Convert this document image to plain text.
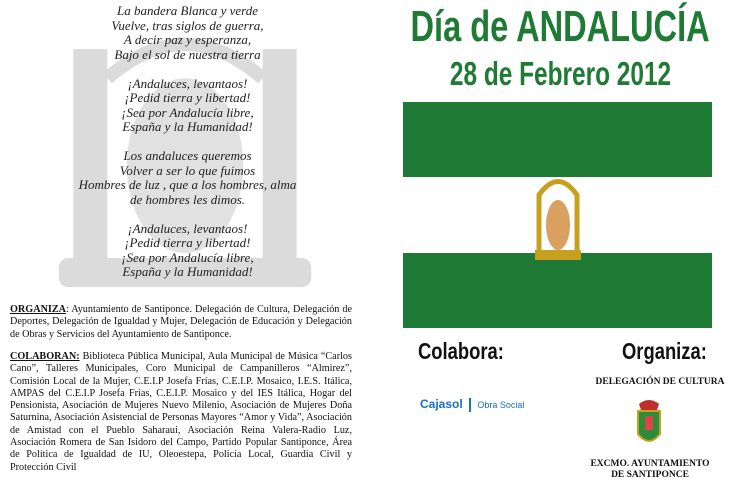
La bandera Blanca y verde
Vuelve, tras siglos de guerra,
A decir paz y esperanza,
Bajo el sol de nuestra tierra
¡Andaluces, levantaos!
¡Pedid tierra y libertad!
¡Sea por Andalucía libre,
España y la Humanidad!
Los andaluces queremos
Volver a ser lo que fuimos
Hombres de luz , que a los hombres, alma
de hombres les dimos.
¡Andaluces, levantaos!
¡Pedid tierra y libertad!
¡Sea por Andalucía libre,
España y la Humanidad!
ORGANIZA: Ayuntamiento de Santiponce. Delegación de Cultura, Delegación de Deportes, Delegación de Igualdad y Mujer, Delegación de Educación y Delegación de Obras y Servicios del Ayuntamiento de Santiponce.
COLABORAN: Biblioteca Pública Municipal, Aula Municipal de Música “Carlos Cano”, Talleres Municipales, Coro Municipal de Campanilleros “Almirez”, Comisión Local de la Mujer, C.E.I.P Josefa Frías, C.E.I.P. Mosaico, I.E.S. Itálica, AMPAS del C.E.I.P Josefa Frías, C.E.I.P. Mosaico y del IES Itálica, Hogar del Pensionista, Asociación de Mujeres Nuevo Milenio, Asociación de Mujeres Doña Saturnina, Asociación Asistencial de Personas Mayores “Amor y Vida”, Asociación de Amistad con el Pueblo Saharaui, Asociación Reina Valera-Radio Luz, Asociación Romera de San Isidoro del Campo, Partido Popular Santiponce, Área de Política de Igualdad de IU, Oleoestepa, Policía Local, Guardia Civil y Protección Civil
Día de ANDALUCÍA
28 de Febrero 2012
Colabora:	Organiza:
Cajasol Obra Social
DELEGACIÓN DE CULTURA
EXCMO. AYUNTAMIENTO
DE SANTIPONCE
